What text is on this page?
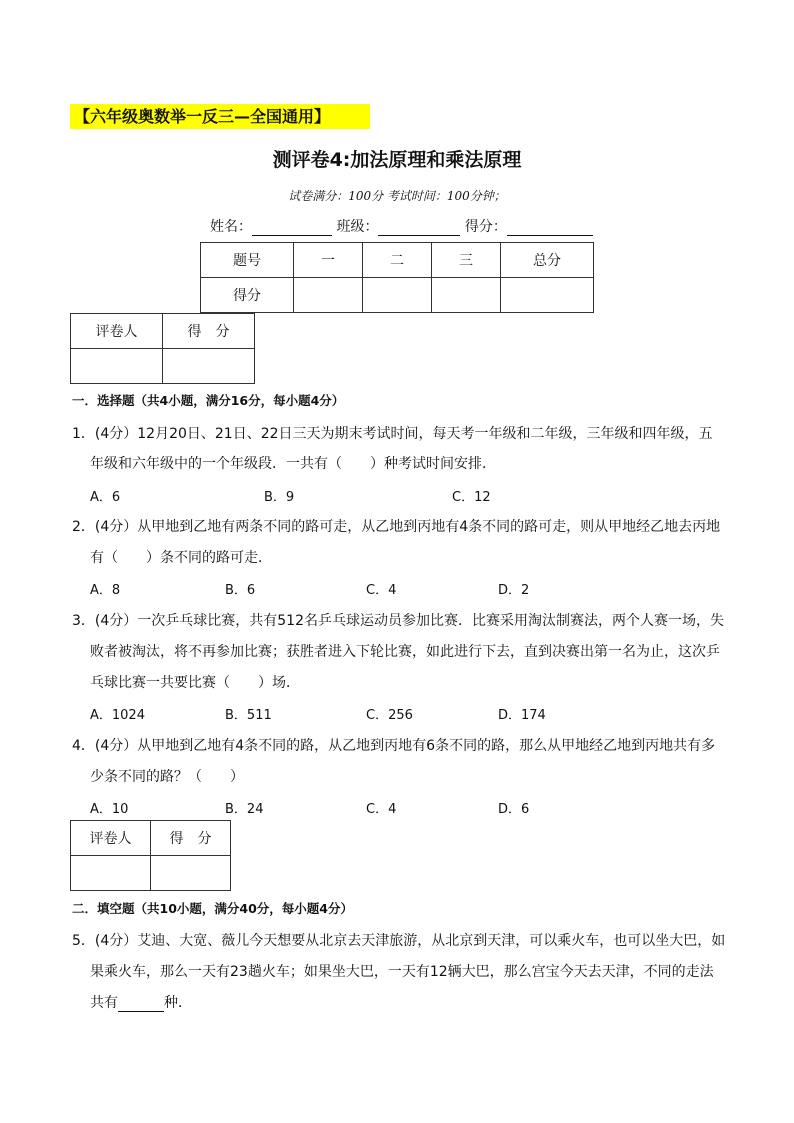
【六年级奥数举一反三—全国通用】
测评卷4:加法原理和乘法原理
试卷满分：100分 考试时间：100分钟；
姓名：	班级：	得分：
题号	一	二	三	总分
得分				
评卷人	得　分

一．选择题（共4小题，满分16分，每小题4分）
1．(4分）12月20日、21日、22日三天为期末考试时间，每天考一年级和二年级，三年级和四年级，五
年级和六年级中的一个年级段．一共有（　　）种考试时间安排．
A．6	B．9	C．12
2．(4分）从甲地到乙地有两条不同的路可走，从乙地到丙地有4条不同的路可走，则从甲地经乙地去丙地
有（　　）条不同的路可走．
A．8	B．6	C．4	D．2
3．(4分）一次乒乓球比赛，共有512名乒乓球运动员参加比赛．比赛采用淘汰制赛法，两个人赛一场，失
败者被淘汰，将不再参加比赛；获胜者进入下轮比赛，如此进行下去，直到决赛出第一名为止，这次乒
乓球比赛一共要比赛（　　）场．
A．1024	B．511	C．256	D．174
4．(4分）从甲地到乙地有4条不同的路，从乙地到丙地有6条不同的路，那么从甲地经乙地到丙地共有多
少条不同的路？（　　）
A．10	B．24	C．4	D．6
评卷人	得　分

二．填空题（共10小题，满分40分，每小题4分）
5．(4分）艾迪、大宽、薇儿今天想要从北京去天津旅游，从北京到天津，可以乘火车，也可以坐大巴，如
果乘火车，那么一天有23趟火车；如果坐大巴，一天有12辆大巴，那么宫宝今天去天津，不同的走法
共有	种．
